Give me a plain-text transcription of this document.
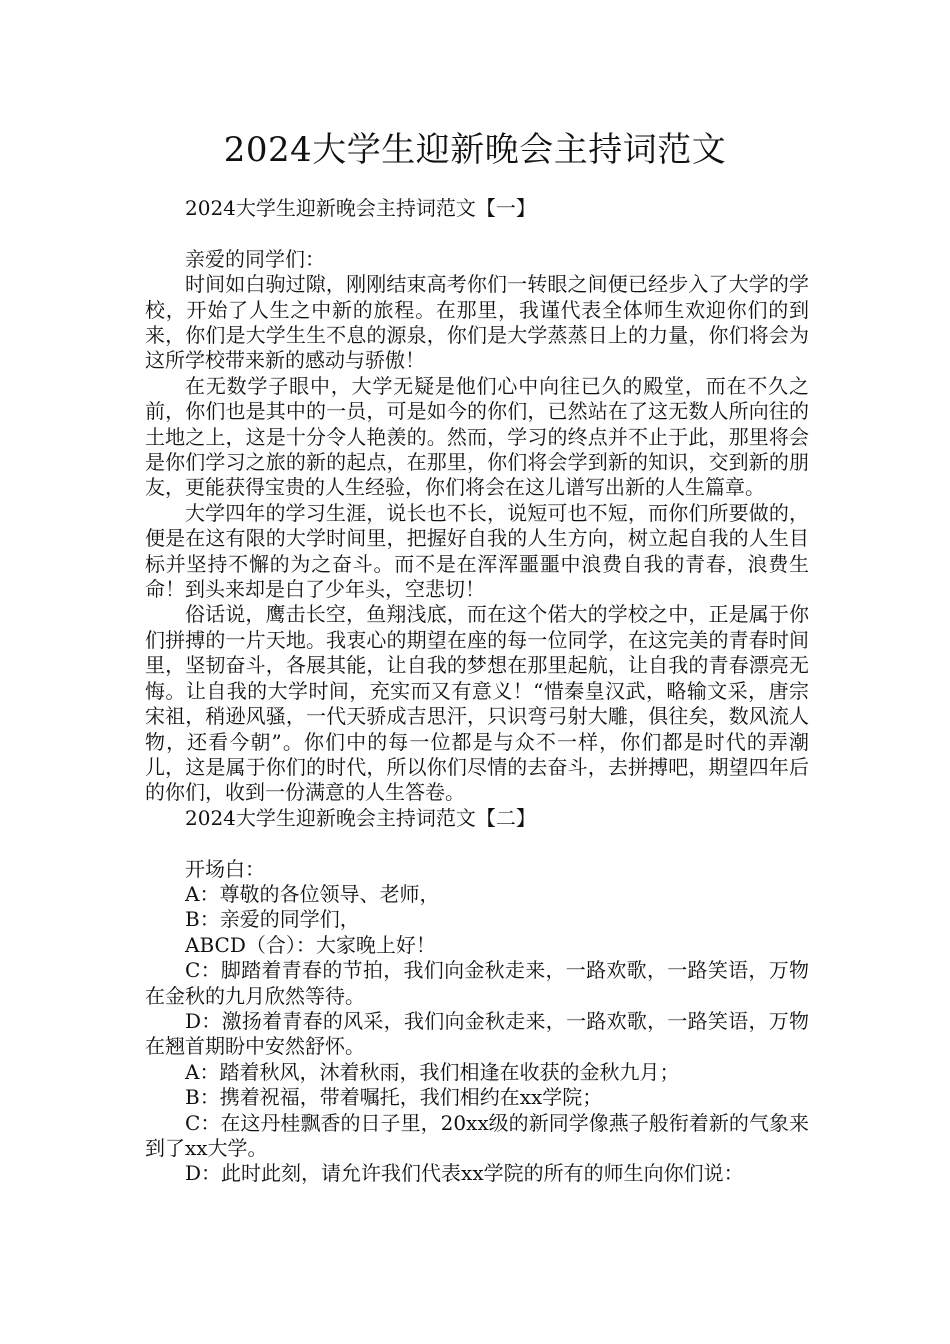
2024大学生迎新晚会主持词范文

2024大学生迎新晚会主持词范文【一】

亲爱的同学们：

时间如白驹过隙，刚刚结束高考你们一转眼之间便已经步入了大学的学校，开始了人生之中新的旅程。在那里，我谨代表全体师生欢迎你们的到来，你们是大学生生不息的源泉，你们是大学蒸蒸日上的力量，你们将会为这所学校带来新的感动与骄傲！

在无数学子眼中，大学无疑是他们心中向往已久的殿堂，而在不久之前，你们也是其中的一员，可是如今的你们，已然站在了这无数人所向往的土地之上，这是十分令人艳羡的。然而，学习的终点并不止于此，那里将会是你们学习之旅的新的起点，在那里，你们将会学到新的知识，交到新的朋友，更能获得宝贵的人生经验，你们将会在这儿谱写出新的人生篇章。

大学四年的学习生涯，说长也不长，说短可也不短，而你们所要做的，便是在这有限的大学时间里，把握好自我的人生方向，树立起自我的人生目标并坚持不懈的为之奋斗。而不是在浑浑噩噩中浪费自我的青春，浪费生命！到头来却是白了少年头，空悲切！

俗话说，鹰击长空，鱼翔浅底，而在这个偌大的学校之中，正是属于你们拼搏的一片天地。我衷心的期望在座的每一位同学，在这完美的青春时间里，坚韧奋斗，各展其能，让自我的梦想在那里起航，让自我的青春漂亮无悔。让自我的大学时间，充实而又有意义！“惜秦皇汉武，略输文采，唐宗宋祖，稍逊风骚，一代天骄成吉思汗，只识弯弓射大雕，俱往矣，数风流人物，还看今朝”。你们中的每一位都是与众不一样，你们都是时代的弄潮儿，这是属于你们的时代，所以你们尽情的去奋斗，去拼搏吧，期望四年后的你们，收到一份满意的人生答卷。

2024大学生迎新晚会主持词范文【二】

开场白：

A：尊敬的各位领导、老师，

B：亲爱的同学们，

ABCD（合）：大家晚上好！

C：脚踏着青春的节拍，我们向金秋走来，一路欢歌，一路笑语，万物在金秋的九月欣然等待。

D：激扬着青春的风采，我们向金秋走来，一路欢歌，一路笑语，万物在翘首期盼中安然舒怀。

A：踏着秋风，沐着秋雨，我们相逢在收获的金秋九月；

B：携着祝福，带着嘱托，我们相约在xx学院；

C：在这丹桂飘香的日子里，20xx级的新同学像燕子般衔着新的气象来到了xx大学。

D：此时此刻，请允许我们代表xx学院的所有的师生向你们说：
